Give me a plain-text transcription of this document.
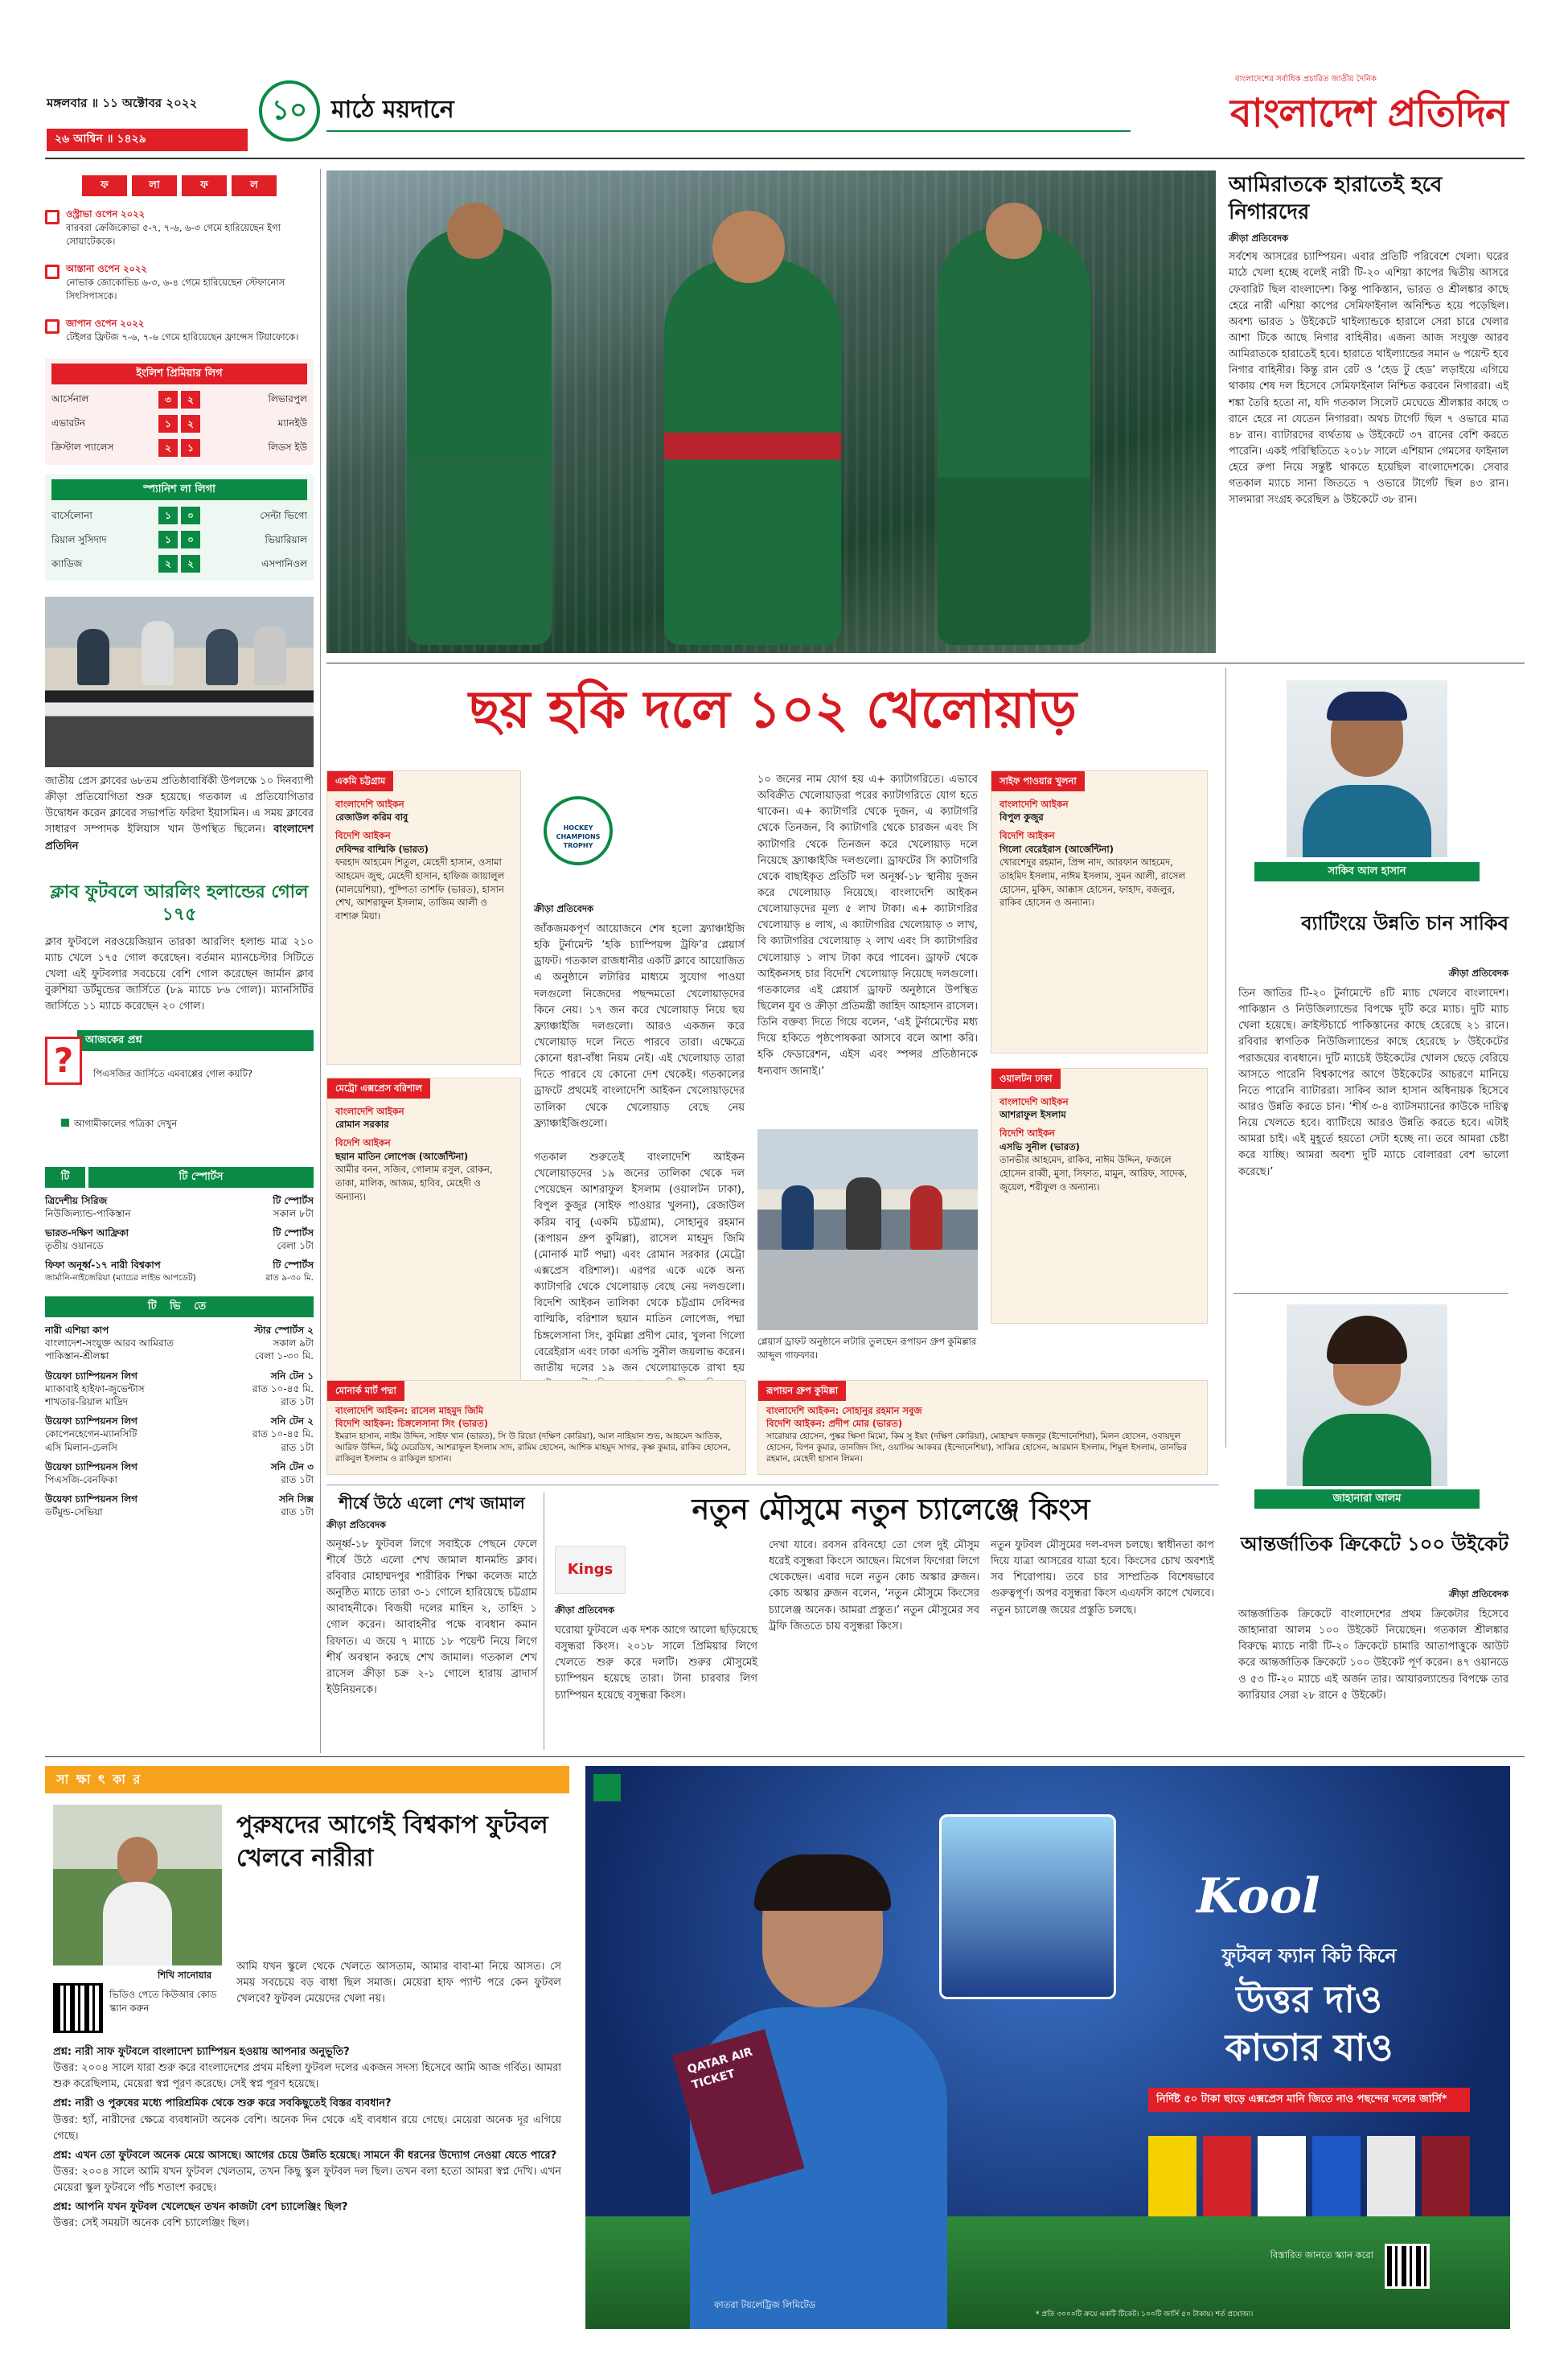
মঙ্গলবার ॥ ১১ অক্টোবর ২০২২
২৬ আশ্বিন ॥ ১৪২৯
১০ মাঠে ময়দানে
বাংলাদেশের সর্বাধিক প্রচারিত জাতীয় দৈনিক
বাংলাদেশ প্রতিদিন
ফ	লা	ফ	ল
ওস্ট্রাভা ওপেন ২০২২
বারবরা ক্রেজিকোভা ৫-৭, ৭-৬, ৬-৩ গেমে হারিয়েছেন ইগা সোয়াটেককে।
আস্তানা ওপেন ২০২২
নোভাক জোকোভিচ ৬-৩, ৬-৪ গেমে হারিয়েছেন স্টেফানোস সিৎসিপাসকে।
জাপান ওপেন ২০২২
টেইলর ফ্রিটজ ৭-৬, ৭-৬ গেমে হারিয়েছেন ফ্রান্সেস টিয়াফোকে।
ইংলিশ প্রিমিয়ার লিগ
আর্সেনাল	৩	২	লিভারপুল
এভারটন	১	২	ম্যানইউ
ক্রিস্টাল প্যালেস	২	১	লিডস ইউ
স্প্যানিশ লা লিগা
বার্সেলোনা	১	০	সেল্টা ভিগো
রিয়াল সুসিদাদ	১	০	ভিয়ারিয়াল
ক্যাডিজ	২	২	এসপানিওল
জাতীয় প্রেস ক্লাবের ৬৮তম প্রতিষ্ঠাবার্ষিকী উপলক্ষে ১০ দিনব্যাপী ক্রীড়া প্রতিযোগিতা শুরু হয়েছে। গতকাল এ প্রতিযোগিতার উদ্বোধন করেন ক্লাবের সভাপতি ফরিদা ইয়াসমিন। এ সময় ক্লাবের সাধারণ সম্পাদক ইলিয়াস খান উপস্থিত ছিলেন। বাংলাদেশ প্রতিদিন
ক্লাব ফুটবলে আরলিং হলান্ডের গোল ১৭৫
ক্লাব ফুটবলে নরওয়েজিয়ান তারকা আরলিং হলান্ড মাত্র ২১০ ম্যাচ খেলে ১৭৫ গোল করেছেন। বর্তমান ম্যানচেস্টার সিটিতে খেলা এই ফুটবলার সবচেয়ে বেশি গোল করেছেন জার্মান ক্লাব বুরুশিয়া ডর্টমুন্ডের জার্সিতে (৮৯ ম্যাচে ৮৬ গোল)। ম্যানসিটির জার্সিতে ১১ ম্যাচে করেছেন ২০ গোল।
আজকের প্রশ্ন
?	পিএসজির জার্সিতে এমবাপ্পের গোল কয়টি?
আগামীকালের পত্রিকা দেখুন
টি	টি স্পোর্টস
ত্রিদেশীয় সিরিজ	টি স্পোর্টস
নিউজিল্যান্ড-পাকিস্তান	সকাল ৮টা
ভারত-দক্ষিণ আফ্রিকা	টি স্পোর্টস
তৃতীয় ওয়ানডে	বেলা ১টা
ফিফা অনূর্ধ্ব-১৭ নারী বিশ্বকাপ	টি স্পোর্টস
জার্মানি-নাইজেরিয়া (ম্যাচের লাইভ আপডেট)	রাত ৯-৩০ মি.
টি ভি তে
নারী এশিয়া কাপ	স্টার স্পোর্টস ২
বাংলাদেশ-সংযুক্ত আরব আমিরাত	সকাল ৯টা
পাকিস্তান-শ্রীলঙ্কা	বেলা ১-৩০ মি.
উয়েফা চ্যাম্পিয়নস লিগ	সনি টেন ১
ম্যাকাবাই হাইফা-জুভেন্টাস	রাত ১০-৪৫ মি.
শাখতার-রিয়াল মাদ্রিদ	রাত ১টা
উয়েফা চ্যাম্পিয়নস লিগ	সনি টেন ২
কোপেনহেগেন-ম্যানসিটি	রাত ১০-৪৫ মি.
এসি মিলান-চেলসি	রাত ১টা
উয়েফা চ্যাম্পিয়নস লিগ	সনি টেন ৩
পিএসজি-বেনফিকা	রাত ১টা
উয়েফা চ্যাম্পিয়নস লিগ	সনি সিক্স
ডর্টমুন্ড-সেভিয়া	রাত ১টা
আমিরাতকে হারাতেই হবে নিগারদের
ক্রীড়া প্রতিবেদক
সর্বশেষ আসরের চ্যাম্পিয়ন। এবার প্রতিটি পরিবেশে খেলা। ঘরের মাঠে খেলা হচ্ছে বলেই নারী টি-২০ এশিয়া কাপের দ্বিতীয় আসরে ফেবারিট ছিল বাংলাদেশ। কিন্তু পাকিস্তান, ভারত ও শ্রীলঙ্কার কাছে হেরে নারী এশিয়া কাপের সেমিফাইনাল অনিশ্চিত হয়ে পড়েছিল। অবশ্য ভারত ১ উইকেটে থাইল্যান্ডকে হারালে সেরা চারে খেলার আশা টিকে আছে নিগার বাহিনীর। এজন্য আজ সংযুক্ত আরব আমিরাতকে হারাতেই হবে। হারাতে থাইল্যান্ডের সমান ৬ পয়েন্ট হবে নিগার বাহিনীর। কিন্তু রান রেট ও ‘হেড টু হেড’ লড়াইয়ে এগিয়ে থাকায় শেষ দল হিসেবে সেমিফাইনাল নিশ্চিত করবেন নিগাররা। এই শঙ্কা তৈরি হতো না, যদি গতকাল সিলেট মেঘেডে শ্রীলঙ্কার কাছে ৩ রানে হেরে না যেতেন নিগাররা। অথচ টার্গেট ছিল ৭ ওভারে মাত্র ৪৮ রান। ব্যাটারদের ব্যর্থতায় ৬ উইকেটে ৩৭ রানের বেশি করতে পারেনি। একই পরিস্থিতিতে ২০১৮ সালে এশিয়ান গেমসের ফাইনাল হেরে রুপা নিয়ে সন্তুষ্ট থাকতে হয়েছিল বাংলাদেশকে। সেবার গতকাল ম্যাচে সানা জিততে ৭ ওভারে টার্গেট ছিল ৪৩ রান। সালমারা সংগ্রহ করেছিল ৯ উইকেটে ৩৮ রান।
ছয় হকি দলে ১০২ খেলোয়াড়
একমি চট্টগ্রাম
বাংলাদেশি আইকন
রেজাউল করিম বাবু
বিদেশি আইকন
দেবিন্দর বাল্মিকি (ভারত)
ফরহাদ আহমেদ শিতুল, মেহেদী হাসান, ওসামা আহমেদ জুহু, মেহেদী হাসান, হাফিজ জায়ালুল (মালয়েশিয়া), পুষ্পিতা তাশফি (ভারত), হাসান শেখ, আশরাফুল ইসলাম, তাজিম আলী ও বাশারু মিয়া।
মেট্রো এক্সপ্রেস বরিশাল
বাংলাদেশি আইকন
রোমান সরকার
বিদেশি আইকন
ছয়ান মাতিন লোপেজ (আর্জেন্টিনা)
আমীর বনন, সজিব, গোলাম রসুল, রোকন, তাকা, মালিক, আজম, হাবিব, মেহেদী ও অন্যান্য।
HOCKEY CHAMPIONS TROPHY
ক্রীড়া প্রতিবেদক
জাঁকজমকপূর্ণ আয়োজনে শেষ হলো ফ্র্যাঞ্চাইজি হকি টুর্নামেন্ট ‘হকি চ্যাম্পিয়ন্স ট্রফি’র প্লেয়ার্স ড্রাফট। গতকাল রাজধানীর একটি ক্লাবে আয়োজিত এ অনুষ্ঠানে লটারির মাধ্যমে সুযোগ পাওয়া দলগুলো নিজেদের পছন্দমতো খেলোয়াড়দের কিনে নেয়। ১৭ জন করে খেলোয়াড় নিয়ে ছয় ফ্র্যাঞ্চাইজি দলগুলো। আরও একজন করে খেলোয়াড় দলে নিতে পারবে তারা। এক্ষেত্রে কোনো ধরা-বাঁধা নিয়ম নেই। এই খেলোয়াড় তারা দিতে পারবে যে কোনো দেশ থেকেই। গতকালের ড্রাফটে প্রথমেই বাংলাদেশি আইকন খেলোয়াড়দের তালিকা থেকে খেলোয়াড় বেছে নেয় ফ্র্যাঞ্চাইজিগুলো।
গতকাল শুরুতেই বাংলাদেশি আইকন খেলোয়াড়দের ১৯ জনের তালিকা থেকে দল পেয়েছেন আশরাফুল ইসলাম (ওয়ালটন ঢাকা), বিপুল কুজুর (সাইফ পাওয়ার খুলনা), রেজাউল করিম বাবু (একমি চট্টগ্রাম), সোহানুর রহমান (রূপায়ন গ্রুপ কুমিল্লা), রাসেল মাহমুদ জিমি (মোনার্ক মার্ট পদ্মা) এবং রোমান সরকার (মেট্রো এক্সপ্রেস বরিশাল)। এরপর একে একে অন্য ক্যাটাগরি থেকে খেলোয়াড় বেছে নেয় দলগুলো। বিদেশি আইকন তালিকা থেকে চট্টগ্রাম দেবিন্দর বাল্মিকি, বরিশাল ছয়ান মাতিন লোপেজ, পদ্মা চিঙ্গলেসানা সিং, কুমিল্লা প্রদীপ মোর, খুলনা গিলো বেরেইরাস এবং ঢাকা এসভি সুনীল জয়লাভ করেন। জাতীয় দলের ১৯ জন খেলোয়াড়কে রাখা হয়
১০ জনের নাম যোগ হয় এ+ ক্যাটাগরিতে। এভাবে অবিক্রীত খেলোয়াড়রা পরের ক্যাটাগরিতে যোগ হতে থাকেন। এ+ ক্যাটাগরি থেকে দুজন, এ ক্যাটাগরি থেকে তিনজন, বি ক্যাটাগরি থেকে চারজন এবং সি ক্যাটাগরি থেকে তিনজন করে খেলোয়াড় দলে নিয়েছে ফ্র্যাঞ্চাইজি দলগুলো। ড্রাফটের সি ক্যাটাগরি থেকে বাছাইকৃত প্রতিটি দল অনূর্ধ্ব-১৮ স্থানীয় দুজন করে খেলোয়াড় নিয়েছে। বাংলাদেশি আইকন খেলোয়াড়দের মূল্য ৫ লাখ টাকা। এ+ ক্যাটাগরির খেলোয়াড় ৪ লাখ, এ ক্যাটাগরির খেলোয়াড় ৩ লাখ, বি ক্যাটাগরির খেলোয়াড় ২ লাখ এবং সি ক্যাটাগরির খেলোয়াড় ১ লাখ টাকা করে পাবেন। ড্রাফট থেকে আইকনসহ চার বিদেশি খেলোয়াড় নিয়েছে দলগুলো। গতকালের এই প্লেয়ার্স ড্রাফট অনুষ্ঠানে উপস্থিত ছিলেন যুব ও ক্রীড়া প্রতিমন্ত্রী জাহিদ আহসান রাসেল। তিনি বক্তব্য দিতে গিয়ে বলেন, ‘এই টুর্নামেন্টের মধ্য দিয়ে হকিতে পৃষ্ঠপোষকরা আসবে বলে আশা করি। হকি ফেডারেশন, এইস এবং স্পন্সর প্রতিষ্ঠানকে ধন্যবাদ জানাই।’
প্লেয়ার্স ড্রাফট অনুষ্ঠানে লটারি তুলছেন রূপায়ন গ্রুপ কুমিল্লার আব্দুল গাফফার।
সাইফ পাওয়ার খুলনা
বাংলাদেশি আইকন
বিপুল কুজুর
বিদেশি আইকন
গিলো বেরেইরাস (আর্জেন্টিনা)
খোরশেদুর রহমান, প্রিন্স নাদ, আরফান আহমেদ, তাহমিদ ইসলাম, নাঈম ইসলাম, সুমন আলী, রাসেল হোসেন, মুকিদ, আক্কাস হোসেন, ফাহাদ, বজলুর, রাকিব হোসেন ও অন্যান্য।
ওয়ালটন ঢাকা
বাংলাদেশি আইকন
আশরাফুল ইসলাম
বিদেশি আইকন
এসভি সুনীল (ভারত)
তানভীর আহমেদ, রাকিব, নাঈম উদ্দিন, ফজলে হোসেন রাব্বী, মুসা, সিফাত, মামুন, আরিফ, সাদেক, জুয়েল, শরীফুল ও অন্যান্য।
মোনার্ক মার্ট পদ্মা
বাংলাদেশি আইকন: রাসেল মাহমুদ জিমি
বিদেশি আইকন: চিঙ্গলেসানা সিং (ভারত)
ইমরান হাসান, নাইম উদ্দিন, সাইফ খান (ভারত), সি উ রিয়ো (দক্ষিণ কোরিয়া), আল নাহিয়ান শুভ, আহমেদ আতিক, আরিফ উদ্দিন, মিঠু মেরেডিথ, আশরাফুল ইসলাম সাদ, রামিম হোসেন, আশিক মাহমুদ সাগর, কৃষ্ণ কুমার, রাকিব হোসেন, রাকিবুল ইসলাম ও রাকিবুল হাসান।
রূপায়ন গ্রুপ কুমিল্লা
বাংলাদেশি আইকন: সোহানুর রহমান সবুজ
বিদেশি আইকন: প্রদীপ মোর (ভারত)
সারোয়ার হোসেন, পুষ্কর ক্ষিসা মিমো, কিম সু ইয়ং (দক্ষিণ কোরিয়া), মোহাম্মদ ফজলুর (ইন্দোনেশিয়া), মিলন হোসেন, ওবায়দুল হোসেন, বিপন কুমার, তানজিদ সিং, ওয়াসিম আকবর (ইন্দোনেশিয়া), সাব্বির হোসেন, আরমান ইসলাম, শিমুল ইসলাম, তানভির রহমান, মেহেদী হাসান লিমন।
সাকিব আল হাসান
ব্যাটিংয়ে উন্নতি চান সাকিব
ক্রীড়া প্রতিবেদক
তিন জাতির টি-২০ টুর্নামেন্টে ৪টি ম্যাচ খেলবে বাংলাদেশ। পাকিস্তান ও নিউজিল্যান্ডের বিপক্ষে দুটি করে ম্যাচ। দুটি ম্যাচ খেলা হয়েছে। ক্রাইস্টচার্চে পাকিস্তানের কাছে হেরেছে ২১ রানে। রবিবার স্বাগতিক নিউজিল্যান্ডের কাছে হেরেছে ৮ উইকেটের পরাজয়ের ব্যবধানে। দুটি ম্যাচেই উইকেটের খোলস ছেড়ে বেরিয়ে আসতে পারেনি বিশ্বকাপের আগে উইকেটের আচরণে মানিয়ে নিতে পারেনি ব্যাটাররা। সাকিব আল হাসান অধিনায়ক হিসেবে আরও উন্নতি করতে চান। ‘শীর্ষ ৩-৪ ব্যাটসম্যানের কাউকে দায়িত্ব নিয়ে খেলতে হবে। ব্যাটিংয়ে আরও উন্নতি করতে হবে। এটাই আমরা চাই। এই মুহূর্তে হয়তো সেটা হচ্ছে না। তবে আমরা চেষ্টা করে যাচ্ছি। আমরা অবশ্য দুটি ম্যাচে বোলাররা বেশ ভালো করেছে।’
জাহানারা আলম
আন্তর্জাতিক ক্রিকেটে ১০০ উইকেট
ক্রীড়া প্রতিবেদক
আন্তর্জাতিক ক্রিকেটে বাংলাদেশের প্রথম ক্রিকেটার হিসেবে জাহানারা আলম ১০০ উইকেট নিয়েছেন। গতকাল শ্রীলঙ্কার বিরুদ্ধে ম্যাচে নারী টি-২০ ক্রিকেটে চামারি আতাপাত্তুকে আউট করে আন্তর্জাতিক ক্রিকেটে ১০০ উইকেট পূর্ণ করেন। ৪৭ ওয়ানডে ও ৫৩ টি-২০ ম্যাচে এই অর্জন তার। আয়ারল্যান্ডের বিপক্ষে তার ক্যারিয়ার সেরা ২৮ রানে ৫ উইকেট।
শীর্ষে উঠে এলো শেখ জামাল
ক্রীড়া প্রতিবেদক
অনূর্ধ্ব-১৮ ফুটবল লিগে সবাইকে পেছনে ফেলে শীর্ষে উঠে এলো শেখ জামাল ধানমন্ডি ক্লাব। রবিবার মোহাম্মদপুর শারীরিক শিক্ষা কলেজ মাঠে অনুষ্ঠিত ম্যাচে তারা ৩-১ গোলে হারিয়েছে চট্টগ্রাম আবাহনীকে। বিজয়ী দলের মাহিন ২, তাহিদ ১ গোল করেন। আবাহনীর পক্ষে ব্যবধান কমান রিফাত। এ জয়ে ৭ ম্যাচে ১৮ পয়েন্ট নিয়ে লিগে শীর্ষ অবস্থান করছে শেখ জামাল। গতকাল শেখ রাসেল ক্রীড়া চক্র ২-১ গোলে হারায় ব্রাদার্স ইউনিয়নকে।
নতুন মৌসুমে নতুন চ্যালেঞ্জে কিংস
Kings
ক্রীড়া প্রতিবেদক
ঘরোয়া ফুটবলে এক দশক আগে আলো ছড়িয়েছে বসুন্ধরা কিংস। ২০১৮ সালে প্রিমিয়ার লিগে খেলতে শুরু করে দলটি। শুরুর মৌসুমেই চ্যাম্পিয়ন হয়েছে তারা। টানা চারবার লিগ চ্যাম্পিয়ন হয়েছে বসুন্ধরা কিংস।
দেখা যাবে। রবসন রবিনহো তো গেল দুই মৌসুম ধরেই বসুন্ধরা কিংসে আছেন। মিগেল ফিগেরা লিগে থেকেছেন। এবার দলে নতুন কোচ অস্কার ব্রুজন। কোচ অস্কার ব্রুজন বলেন, ‘নতুন মৌসুমে কিংসের চ্যালেঞ্জ অনেক। আমরা প্রস্তুত।’ নতুন মৌসুমের সব ট্রফি জিততে চায় বসুন্ধরা কিংস।
নতুন ফুটবল মৌসুমের দল-বদল চলছে। স্বাধীনতা কাপ দিয়ে যাত্রা আসরের যাত্রা হবে। কিংসের চোখ অবশ্যই সব শিরোপায়। তবে চার সাম্প্রতিক বিশেষভাবে গুরুত্বপূর্ণ। অপর বসুন্ধরা কিংস এএফসি কাপে খেলবে। নতুন চ্যালেঞ্জ জয়ের প্রস্তুতি চলছে।
সা ক্ষা ৎ কা র
শিখি সানোয়ার
ভিডিও পেতে কিউআর কোড স্ক্যান করুন
পুরুষদের আগেই বিশ্বকাপ ফুটবল খেলবে নারীরা
আমি যখন স্কুলে থেকে খেলতে আসতাম, আমার বাবা-মা নিয়ে আসত। সে সময় সবচেয়ে বড় বাধা ছিল সমাজ। মেয়েরা হাফ প্যান্ট পরে কেন ফুটবল খেলবে? ফুটবল মেয়েদের খেলা নয়।

প্রশ্ন: নারী সাফ ফুটবলে বাংলাদেশ চ্যাম্পিয়ন হওয়ায় আপনার অনুভূতি?
উত্তর: ২০০৪ সালে যারা শুরু করে বাংলাদেশের প্রথম মহিলা ফুটবল দলের একজন সদস্য হিসেবে আমি আজ গর্বিত। আমরা শুরু করেছিলাম, মেয়েরা স্বপ্ন পূরণ করেছে। সেই স্বপ্ন পূরণ হয়েছে।

প্রশ্ন: নারী ও পুরুষের মধ্যে পারিশ্রমিক থেকে শুরু করে সবকিছুতেই বিস্তর ব্যবধান?
উত্তর: হ্যাঁ, নারীদের ক্ষেত্রে ব্যবধানটা অনেক বেশি। অনেক দিন থেকে এই ব্যবধান রয়ে গেছে। মেয়েরা অনেক দূর এগিয়ে গেছে।

প্রশ্ন: এখন তো ফুটবলে অনেক মেয়ে আসছে। আগের চেয়ে উন্নতি হয়েছে। সামনে কী ধরনের উদ্যোগ নেওয়া যেতে পারে?
উত্তর: ২০০৪ সালে আমি যখন ফুটবল খেলতাম, তখন কিছু স্কুল ফুটবল দল ছিল। তখন বলা হতো আমরা স্বপ্ন দেখি। এখন মেয়েরা স্কুল ফুটবলে পাঁচ শতাংশ করছে।

প্রশ্ন: আপনি যখন ফুটবল খেলেছেন তখন কাজটা বেশ চ্যালেঞ্জিং ছিল?
উত্তর: সেই সময়টা অনেক বেশি চ্যালেঞ্জিং ছিল।

QATAR AIR TICKET
Kool
ফুটবল ফ্যান কিট কিনে
উত্তর দাও
কাতার যাও
নির্দিষ্ট ৫০ টাকা ছাড়ে এক্সপ্রেস মানি জিতে নাও পছন্দের দলের জার্সি*
বিস্তারিত জানতে স্ক্যান করো
ফাতরা টয়লেট্রিজ লিমিটেড
* প্রতি ৩০০০টি ক্রয়ে একটি টিকেট। ১০০টি জার্সি ৫০ টাকায়। শর্ত প্রযোজ্য।
